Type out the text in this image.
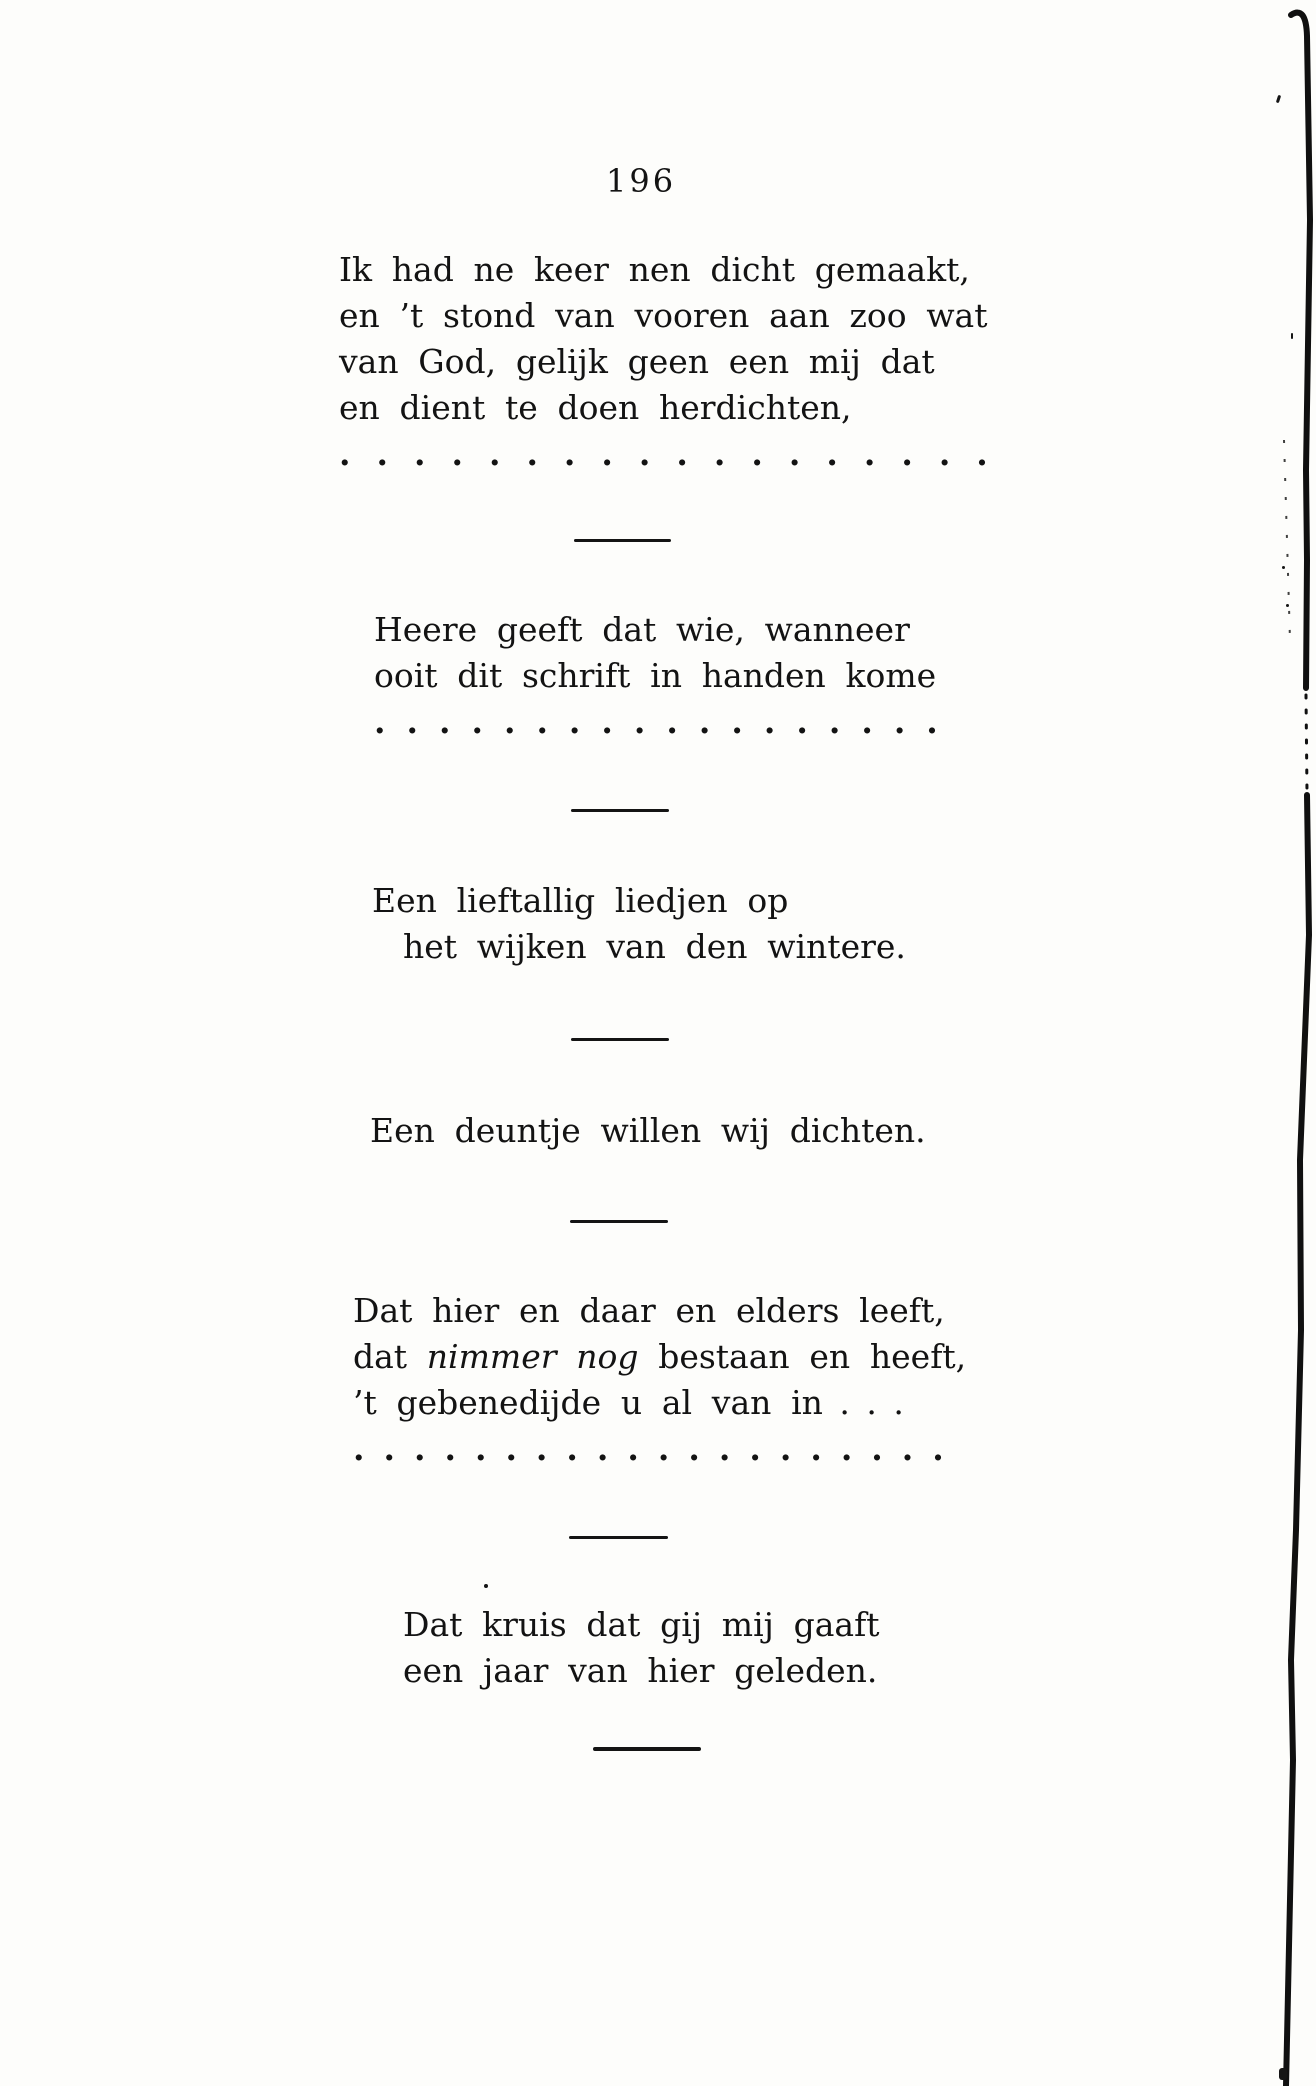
196
Ik had ne keer nen dicht gemaakt,
en ’t stond van vooren aan zoo wat
van God, gelijk geen een mij dat
en dient te doen herdichten,
..................
Heere geeft dat wie, wanneer
ooit dit schrift in handen kome
..................
Een lieftallig liedjen op
het wijken van den wintere.
Een deuntje willen wij dichten.
Dat hier en daar en elders leeft,
dat nimmer nog bestaan en heeft,
’t gebenedijde u al van in . . .
....................
Dat kruis dat gij mij gaaft
een jaar van hier geleden.
